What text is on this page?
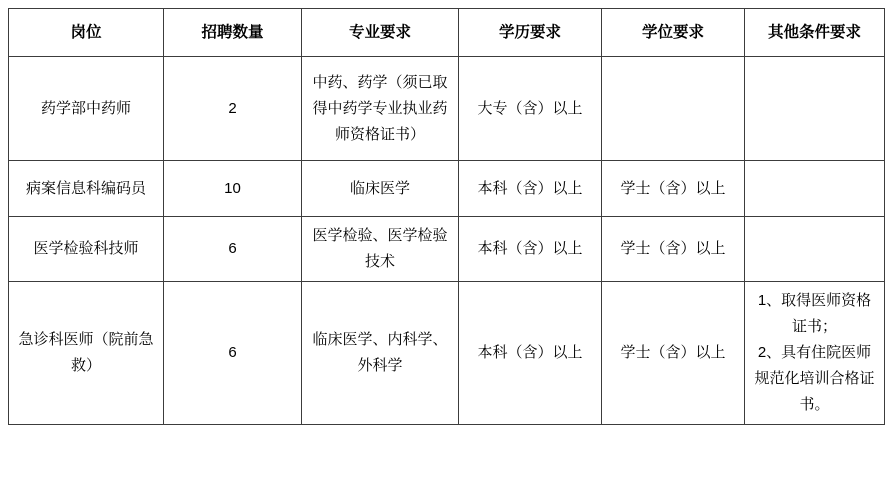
岗位	招聘数量	专业要求	学历要求	学位要求	其他条件要求
药学部中药师	2	中药、药学（须已取得中药学专业执业药师资格证书）	大专（含）以上		
病案信息科编码员	10	临床医学	本科（含）以上	学士（含）以上	
医学检验科技师	6	医学检验、医学检验技术	本科（含）以上	学士（含）以上	
急诊科医师（院前急救）	6	临床医学、内科学、外科学	本科（含）以上	学士（含）以上	1、取得医师资格证书；
2、具有住院医师规范化培训合格证书。
